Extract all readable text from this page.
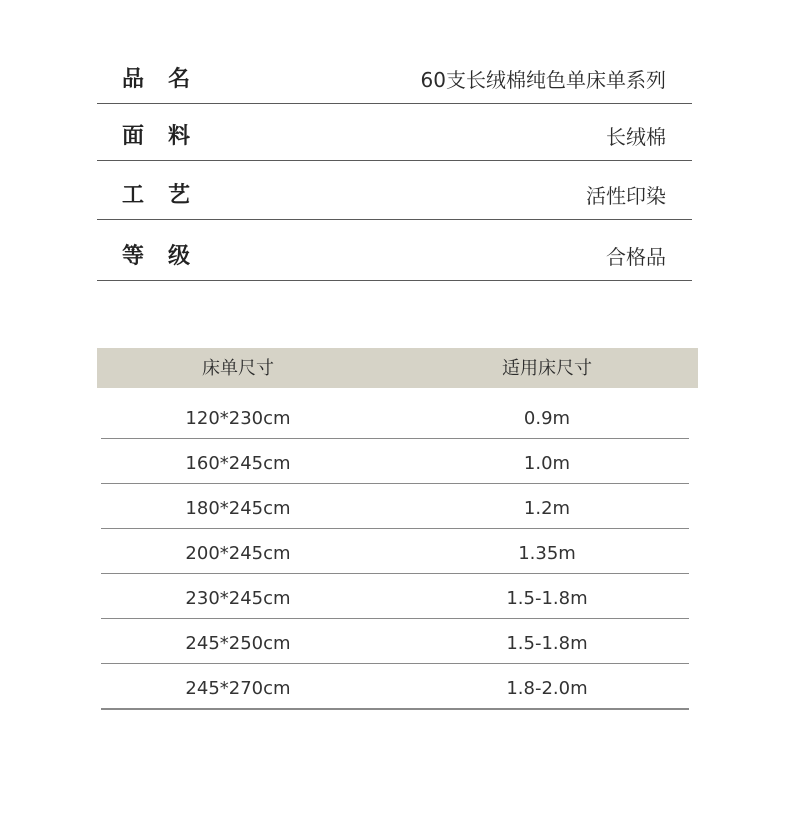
品名	60支长绒棉纯色单床单系列
面料	长绒棉
工艺	活性印染
等级	合格品
床单尺寸	适用床尺寸
120*230cm	0.9m
160*245cm	1.0m
180*245cm	1.2m
200*245cm	1.35m
230*245cm	1.5-1.8m
245*250cm	1.5-1.8m
245*270cm	1.8-2.0m
